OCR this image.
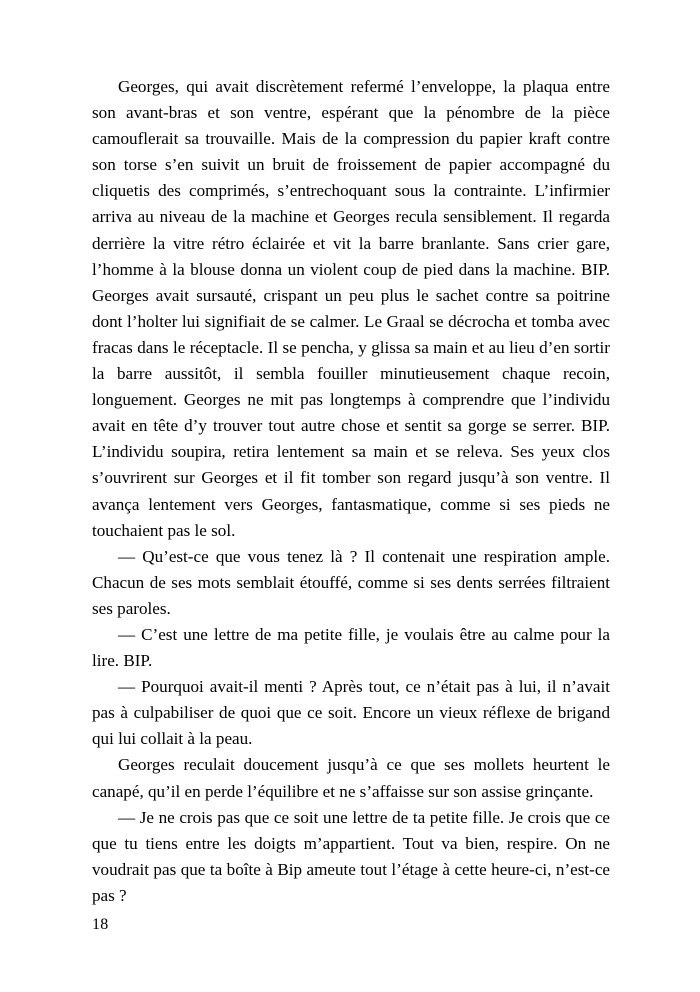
Georges, qui avait discrètement refermé l’enveloppe, la plaqua entre son avant-bras et son ventre, espérant que la pénombre de la pièce camouflerait sa trouvaille. Mais de la compression du papier kraft contre son torse s’en suivit un bruit de froissement de papier accompagné du cliquetis des comprimés, s’entrechoquant sous la contrainte. L’infirmier arriva au niveau de la machine et Georges recula sensiblement. Il regarda derrière la vitre rétro éclairée et vit la barre branlante. Sans crier gare, l’homme à la blouse donna un violent coup de pied dans la machine. BIP. Georges avait sursauté, crispant un peu plus le sachet contre sa poitrine dont l’holter lui signifiait de se calmer. Le Graal se décrocha et tomba avec fracas dans le réceptacle. Il se pencha, y glissa sa main et au lieu d’en sortir la barre aussitôt, il sembla fouiller minutieusement chaque recoin, longuement. Georges ne mit pas longtemps à comprendre que l’individu avait en tête d’y trouver tout autre chose et sentit sa gorge se serrer. BIP. L’individu soupira, retira lentement sa main et se releva. Ses yeux clos s’ouvrirent sur Georges et il fit tomber son regard jusqu’à son ventre. Il avança lentement vers Georges, fantasmatique, comme si ses pieds ne touchaient pas le sol.

— Qu’est-ce que vous tenez là ? Il contenait une respiration ample. Chacun de ses mots semblait étouffé, comme si ses dents serrées filtraient ses paroles.

— C’est une lettre de ma petite fille, je voulais être au calme pour la lire. BIP.

— Pourquoi avait-il menti ? Après tout, ce n’était pas à lui, il n’avait pas à culpabiliser de quoi que ce soit. Encore un vieux réflexe de brigand qui lui collait à la peau.

Georges reculait doucement jusqu’à ce que ses mollets heurtent le canapé, qu’il en perde l’équilibre et ne s’affaisse sur son assise grinçante.

— Je ne crois pas que ce soit une lettre de ta petite fille. Je crois que ce que tu tiens entre les doigts m’appartient. Tout va bien, respire. On ne voudrait pas que ta boîte à Bip ameute tout l’étage à cette heure-ci, n’est-ce pas ?

18
